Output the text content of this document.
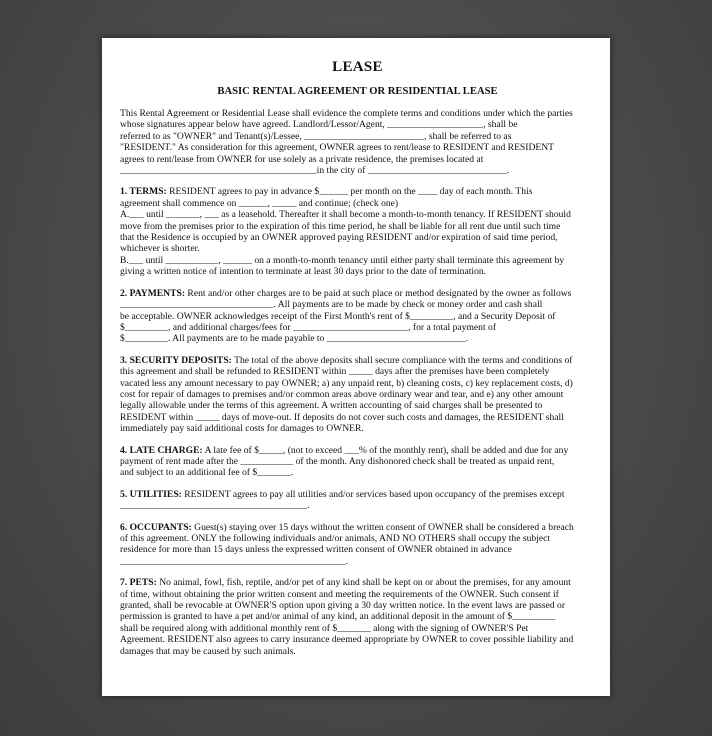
LEASE
BASIC RENTAL AGREEMENT OR RESIDENTIAL LEASE
This Rental Agreement or Residential Lease shall evidence the complete terms and conditions under which the parties
whose signatures appear below have agreed. Landlord/Lessor/Agent, ____________________, shall be
referred to as "OWNER" and Tenant(s)/Lessee, _________________________, shall be referred to as
"RESIDENT." As consideration for this agreement, OWNER agrees to rent/lease to RESIDENT and RESIDENT
agrees to rent/lease from OWNER for use solely as a private residence, the premises located at
_________________________________________in the city of _____________________________.
1. TERMS: RESIDENT agrees to pay in advance $______ per month on the ____ day of each month. This
agreement shall commence on ______, _____ and continue; (check one)
A.___ until _______, ___ as a leasehold. Thereafter it shall become a month-to-month tenancy. If RESIDENT should
move from the premises prior to the expiration of this time period, he shall be liable for all rent due until such time
that the Residence is occupied by an OWNER approved paying RESIDENT and/or expiration of said time period,
whichever is shorter.
B.___ until ___________, ______ on a month-to-month tenancy until either party shall terminate this agreement by
giving a written notice of intention to terminate at least 30 days prior to the date of termination.
2. PAYMENTS: Rent and/or other charges are to be paid at such place or method designated by the owner as follows
________________________________. All payments are to be made by check or money order and cash shall
be acceptable. OWNER acknowledges receipt of the First Month's rent of $_________, and a Security Deposit of
$_________, and additional charges/fees for ________________________, for a total payment of
$_________. All payments are to be made payable to _____________________________.
3. SECURITY DEPOSITS: The total of the above deposits shall secure compliance with the terms and conditions of
this agreement and shall be refunded to RESIDENT within _____ days after the premises have been completely
vacated less any amount necessary to pay OWNER; a) any unpaid rent, b) cleaning costs, c) key replacement costs, d)
cost for repair of damages to premises and/or common areas above ordinary wear and tear, and e) any other amount
legally allowable under the terms of this agreement. A written accounting of said charges shall be presented to
RESIDENT within _____ days of move-out. If deposits do not cover such costs and damages, the RESIDENT shall
immediately pay said additional costs for damages to OWNER.
4. LATE CHARGE: A late fee of $_____, (not to exceed ___% of the monthly rent), shall be added and due for any
payment of rent made after the ___________ of the month. Any dishonored check shall be treated as unpaid rent,
and subject to an additional fee of $_______.
5. UTILITIES: RESIDENT agrees to pay all utilities and/or services based upon occupancy of the premises except
_______________________________________.
6. OCCUPANTS: Guest(s) staying over 15 days without the written consent of OWNER shall be considered a breach
of this agreement. ONLY the following individuals and/or animals, AND NO OTHERS shall occupy the subject
residence for more than 15 days unless the expressed written consent of OWNER obtained in advance
_______________________________________________.
7. PETS: No animal, fowl, fish, reptile, and/or pet of any kind shall be kept on or about the premises, for any amount
of time, without obtaining the prior written consent and meeting the requirements of the OWNER. Such consent if
granted, shall be revocable at OWNER'S option upon giving a 30 day written notice. In the event laws are passed or
permission is granted to have a pet and/or animal of any kind, an additional deposit in the amount of $_________
shall be required along with additional monthly rent of $_______ along with the signing of OWNER'S Pet
Agreement. RESIDENT also agrees to carry insurance deemed appropriate by OWNER to cover possible liability and
damages that may be caused by such animals.
